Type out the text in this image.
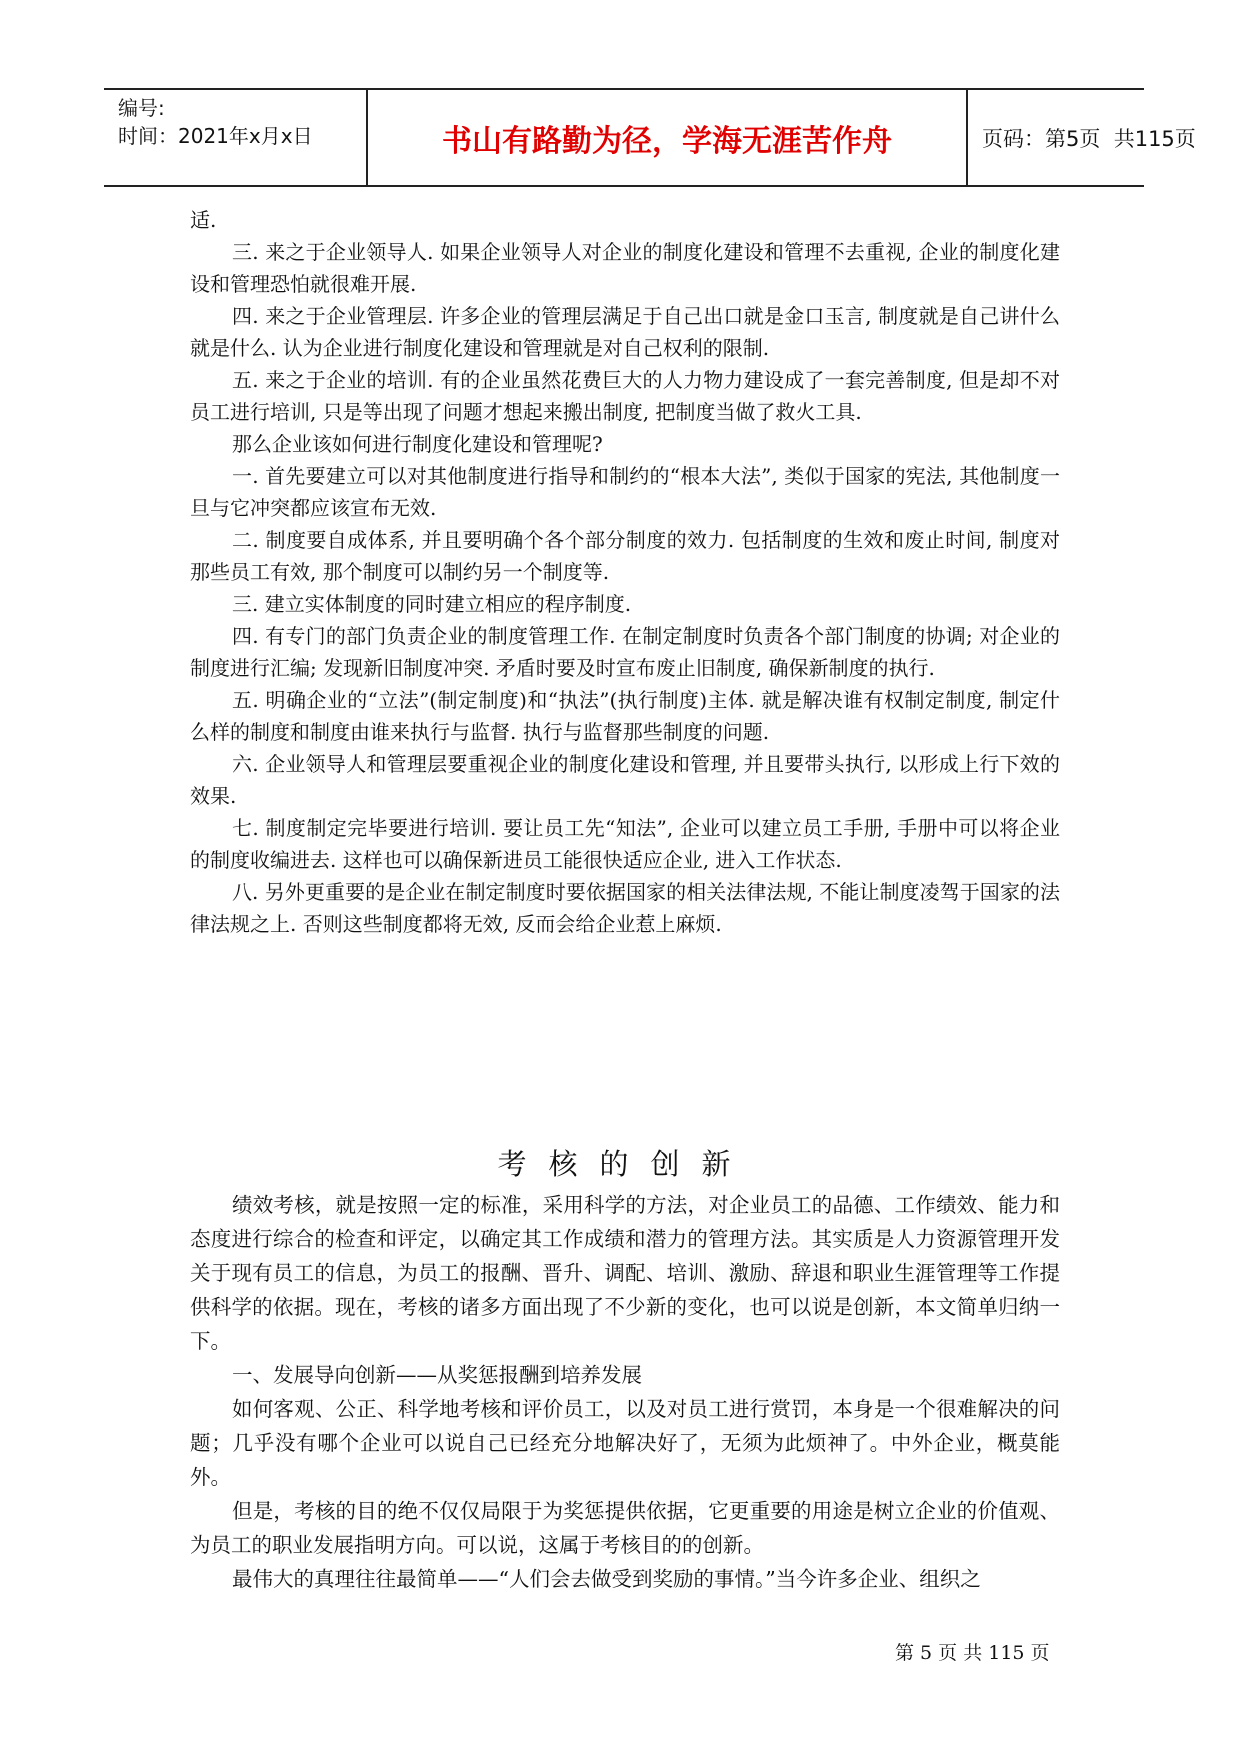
编号:
时间：2021年x月x日	书山有路勤为径，学海无涯苦作舟	页码：第5页  共115页

适.

三. 来之于企业领导人. 如果企业领导人对企业的制度化建设和管理不去重视, 企业的制度化建设和管理恐怕就很难开展.

四. 来之于企业管理层. 许多企业的管理层满足于自己出口就是金口玉言, 制度就是自己讲什么就是什么. 认为企业进行制度化建设和管理就是对自己权利的限制.

五. 来之于企业的培训. 有的企业虽然花费巨大的人力物力建设成了一套完善制度, 但是却不对员工进行培训, 只是等出现了问题才想起来搬出制度, 把制度当做了救火工具.

那么企业该如何进行制度化建设和管理呢?

一. 首先要建立可以对其他制度进行指导和制约的“根本大法”, 类似于国家的宪法, 其他制度一旦与它冲突都应该宣布无效.

二. 制度要自成体系, 并且要明确个各个部分制度的效力. 包括制度的生效和废止时间, 制度对那些员工有效, 那个制度可以制约另一个制度等.

三. 建立实体制度的同时建立相应的程序制度.

四. 有专门的部门负责企业的制度管理工作. 在制定制度时负责各个部门制度的协调; 对企业的制度进行汇编; 发现新旧制度冲突. 矛盾时要及时宣布废止旧制度, 确保新制度的执行.

五. 明确企业的“立法”(制定制度)和“执法”(执行制度)主体. 就是解决谁有权制定制度, 制定什么样的制度和制度由谁来执行与监督. 执行与监督那些制度的问题.

六. 企业领导人和管理层要重视企业的制度化建设和管理, 并且要带头执行, 以形成上行下效的效果.

七. 制度制定完毕要进行培训. 要让员工先“知法”, 企业可以建立员工手册, 手册中可以将企业的制度收编进去. 这样也可以确保新进员工能很快适应企业, 进入工作状态.

八. 另外更重要的是企业在制定制度时要依据国家的相关法律法规, 不能让制度凌驾于国家的法律法规之上. 否则这些制度都将无效, 反而会给企业惹上麻烦.

考核的创新

绩效考核，就是按照一定的标准，采用科学的方法，对企业员工的品德、工作绩效、能力和态度进行综合的检查和评定，以确定其工作成绩和潜力的管理方法。其实质是人力资源管理开发关于现有员工的信息，为员工的报酬、晋升、调配、培训、激励、辞退和职业生涯管理等工作提供科学的依据。现在，考核的诸多方面出现了不少新的变化，也可以说是创新，本文简单归纳一下。

一、发展导向创新——从奖惩报酬到培养发展

如何客观、公正、科学地考核和评价员工，以及对员工进行赏罚，本身是一个很难解决的问题；几乎没有哪个企业可以说自己已经充分地解决好了，无须为此烦神了。中外企业，概莫能外。

但是，考核的目的绝不仅仅局限于为奖惩提供依据，它更重要的用途是树立企业的价值观、为员工的职业发展指明方向。可以说，这属于考核目的的创新。

最伟大的真理往往最简单——“人们会去做受到奖励的事情。”当今许多企业、组织之

第 5 页 共 115 页
